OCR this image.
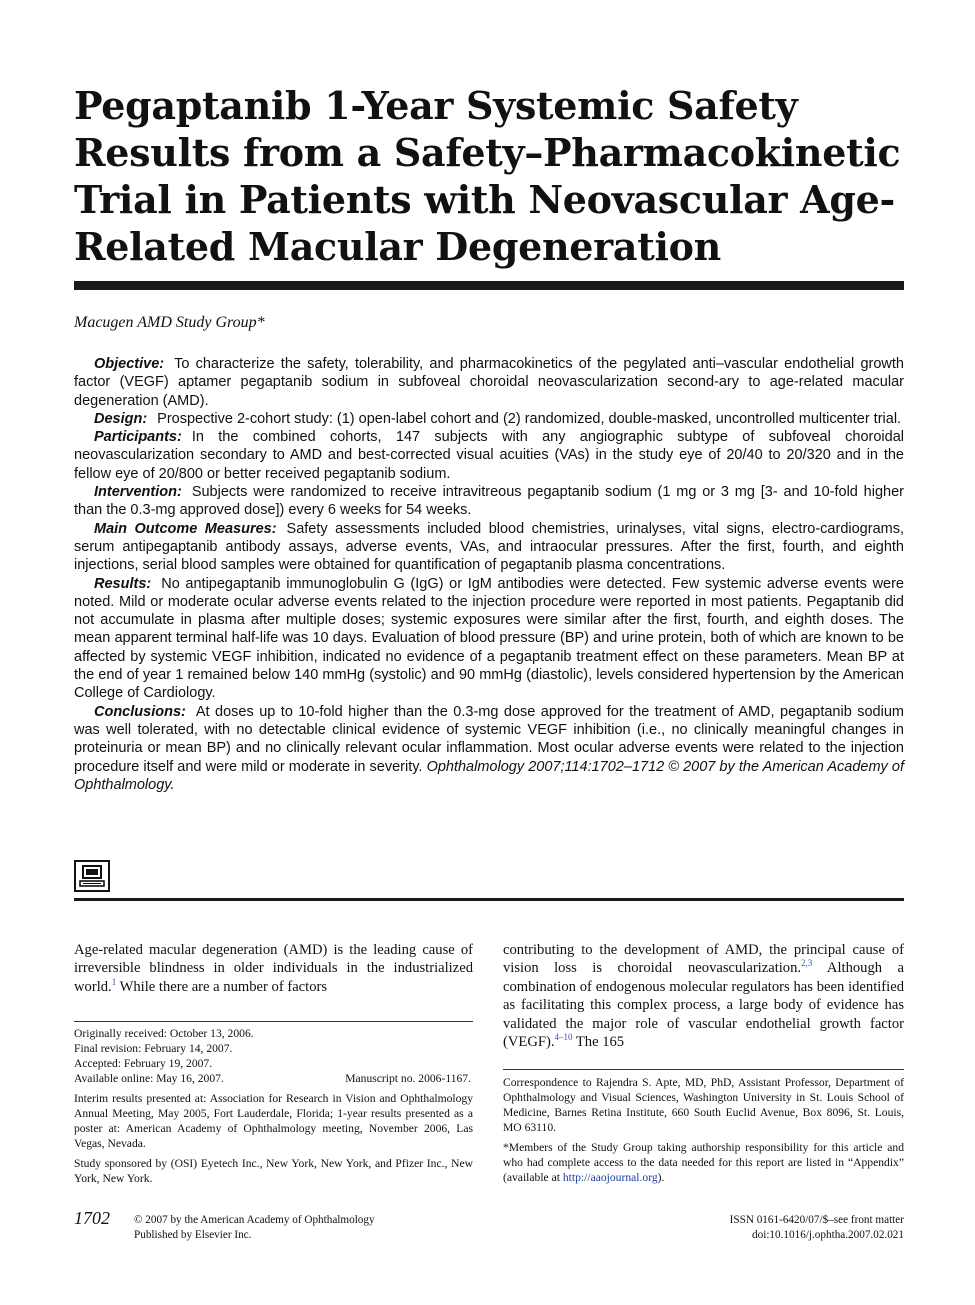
Pegaptanib 1-Year Systemic Safety Results from a Safety–Pharmacokinetic Trial in Patients with Neovascular Age-Related Macular Degeneration
Macugen AMD Study Group*

Objective: To characterize the safety, tolerability, and pharmacokinetics of the pegylated anti–vascular endothelial growth factor (VEGF) aptamer pegaptanib sodium in subfoveal choroidal neovascularization second-ary to age-related macular degeneration (AMD).

Design: Prospective 2-cohort study: (1) open-label cohort and (2) randomized, double-masked, uncontrolled multicenter trial.

Participants: In the combined cohorts, 147 subjects with any angiographic subtype of subfoveal choroidal neovascularization secondary to AMD and best-corrected visual acuities (VAs) in the study eye of 20/40 to 20/320 and in the fellow eye of 20/800 or better received pegaptanib sodium.

Intervention: Subjects were randomized to receive intravitreous pegaptanib sodium (1 mg or 3 mg [3- and 10-fold higher than the 0.3-mg approved dose]) every 6 weeks for 54 weeks.

Main Outcome Measures: Safety assessments included blood chemistries, urinalyses, vital signs, electro-cardiograms, serum antipegaptanib antibody assays, adverse events, VAs, and intraocular pressures. After the first, fourth, and eighth injections, serial blood samples were obtained for quantification of pegaptanib plasma concentrations.

Results: No antipegaptanib immunoglobulin G (IgG) or IgM antibodies were detected. Few systemic adverse events were noted. Mild or moderate ocular adverse events related to the injection procedure were reported in most patients. Pegaptanib did not accumulate in plasma after multiple doses; systemic exposures were similar after the first, fourth, and eighth doses. The mean apparent terminal half-life was 10 days. Evaluation of blood pressure (BP) and urine protein, both of which are known to be affected by systemic VEGF inhibition, indicated no evidence of a pegaptanib treatment effect on these parameters. Mean BP at the end of year 1 remained below 140 mmHg (systolic) and 90 mmHg (diastolic), levels considered hypertension by the American College of Cardiology.

Conclusions: At doses up to 10-fold higher than the 0.3-mg dose approved for the treatment of AMD, pegaptanib sodium was well tolerated, with no detectable clinical evidence of systemic VEGF inhibition (i.e., no clinically meaningful changes in proteinuria or mean BP) and no clinically relevant ocular inflammation. Most ocular adverse events were related to the injection procedure itself and were mild or moderate in severity. Ophthalmology 2007;114:1702–1712 © 2007 by the American Academy of Ophthalmology.

Age-related macular degeneration (AMD) is the leading cause of irreversible blindness in older individuals in the industrialized world.$^1$ While there are a number of factors

contributing to the development of AMD, the principal cause of vision loss is choroidal neovascularization.$^{2,3}$ Although a combination of endogenous molecular regulators has been identified as facilitating this complex process, a large body of evidence has validated the major role of vascular endothelial growth factor (VEGF).$^{4-10}$ The 165

Originally received: October 13, 2006.
Final revision: February 14, 2007.
Accepted: February 19, 2007.
Available online: May 16, 2007.	Manuscript no. 2006-1167.

Interim results presented at: Association for Research in Vision and Ophthalmology Annual Meeting, May 2005, Fort Lauderdale, Florida; 1-year results presented as a poster at: American Academy of Ophthalmology meeting, November 2006, Las Vegas, Nevada.

Study sponsored by (OSI) Eyetech Inc., New York, New York, and Pfizer Inc., New York, New York.

Correspondence to Rajendra S. Apte, MD, PhD, Assistant Professor, Department of Ophthalmology and Visual Sciences, Washington University in St. Louis School of Medicine, Barnes Retina Institute, 660 South Euclid Avenue, Box 8096, St. Louis, MO 63110.

*Members of the Study Group taking authorship responsibility for this article and who had complete access to the data needed for this report are listed in “Appendix” (available at http://aaojournal.org).

1702 © 2007 by the American Academy of Ophthalmology
Published by Elsevier Inc.
ISSN 0161-6420/07/$–see front matter
doi:10.1016/j.ophtha.2007.02.021
